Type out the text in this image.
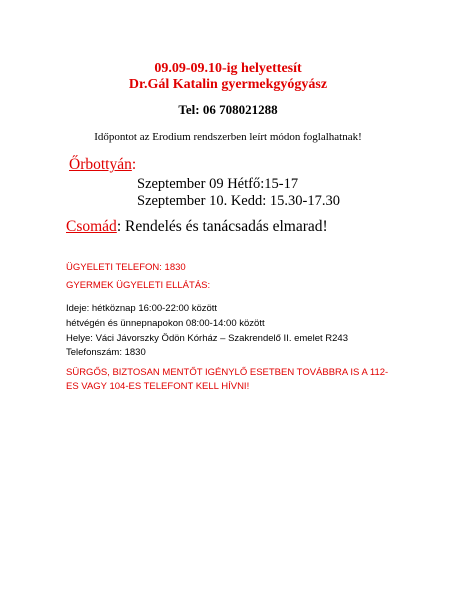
09.09-09.10-ig helyettesít
Dr.Gál Katalin gyermekgyógyász
Tel: 06 708021288
Időpontot az Erodium rendszerben leírt módon foglalhatnak!
Őrbottyán:
Szeptember 09 Hétfő:15-17
Szeptember 10. Kedd: 15.30-17.30
Csomád: Rendelés és tanácsadás elmarad!
ÜGYELETI TELEFON: 1830
GYERMEK ÜGYELETI ELLÁTÁS:
Ideje: hétköznap 16:00-22:00 között
hétvégén és ünnepnapokon 08:00-14:00 között
Helye: Váci Jávorszky Ödön Kórház – Szakrendelő II. emelet R243
Telefonszám: 1830
SÜRGŐS, BIZTOSAN MENTŐT IGÉNYLŐ ESETBEN TOVÁBBRA IS A 112-
ES VAGY 104-ES TELEFONT KELL HÍVNI!
